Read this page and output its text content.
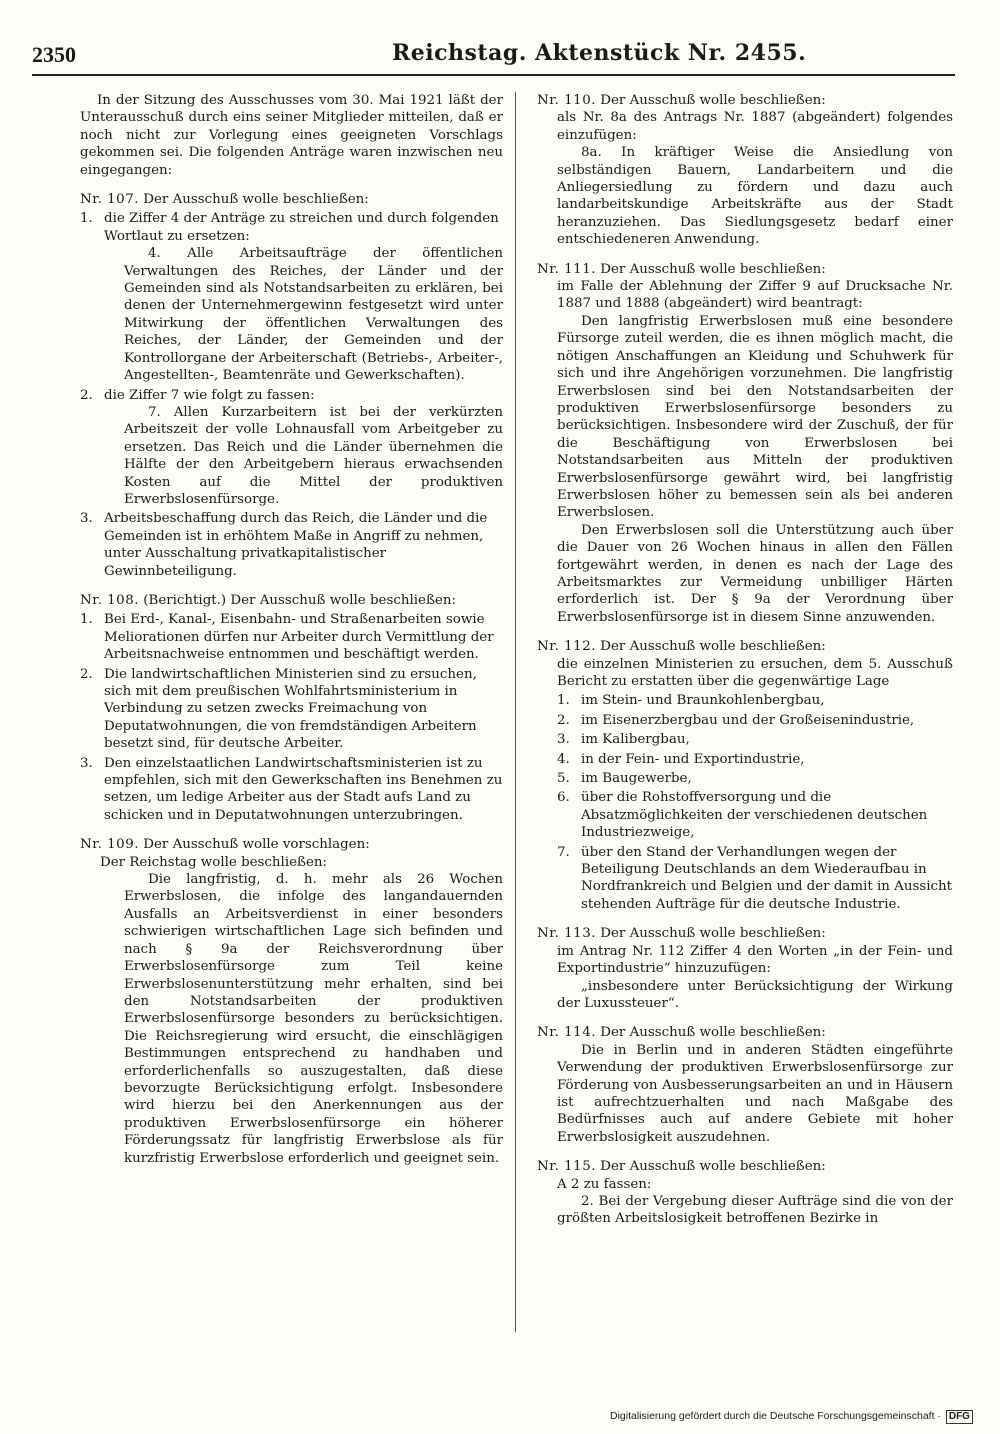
2350	Reichstag. Aktenstück Nr. 2455.

In der Sitzung des Ausschusses vom 30. Mai 1921 läßt der Unterausschuß durch eins seiner Mitglieder mitteilen, daß er noch nicht zur Vorlegung eines geeigneten Vorschlags gekommen sei. Die folgenden Anträge waren inzwischen neu eingegangen:

Nr. 107. Der Ausschuß wolle beschließen:

1. die Ziffer 4 der Anträge zu streichen und durch folgenden Wortlaut zu ersetzen:

4. Alle Arbeitsaufträge der öffentlichen Verwaltungen des Reiches, der Länder und der Gemeinden sind als Notstandsarbeiten zu erklären, bei denen der Unternehmergewinn festgesetzt wird unter Mitwirkung der öffentlichen Verwaltungen des Reiches, der Länder, der Gemeinden und der Kontrollorgane der Arbeiterschaft (Betriebs-, Arbeiter-, Angestellten-, Beamtenräte und Gewerkschaften).

2. die Ziffer 7 wie folgt zu fassen:

7. Allen Kurzarbeitern ist bei der verkürzten Arbeitszeit der volle Lohnausfall vom Arbeitgeber zu ersetzen. Das Reich und die Länder übernehmen die Hälfte der den Arbeitgebern hieraus erwachsenden Kosten auf die Mittel der produktiven Erwerbslosenfürsorge.

3. Arbeitsbeschaffung durch das Reich, die Länder und die Gemeinden ist in erhöhtem Maße in Angriff zu nehmen, unter Ausschaltung privatkapitalistischer Gewinnbeteiligung.

Nr. 108. (Berichtigt.) Der Ausschuß wolle beschließen:

1. Bei Erd-, Kanal-, Eisenbahn- und Straßenarbeiten sowie Meliorationen dürfen nur Arbeiter durch Vermittlung der Arbeitsnachweise entnommen und beschäftigt werden.
2. Die landwirtschaftlichen Ministerien sind zu ersuchen, sich mit dem preußischen Wohlfahrtsministerium in Verbindung zu setzen zwecks Freimachung von Deputatwohnungen, die von fremdständigen Arbeitern besetzt sind, für deutsche Arbeiter.
3. Den einzelstaatlichen Landwirtschaftsministerien ist zu empfehlen, sich mit den Gewerkschaften ins Benehmen zu setzen, um ledige Arbeiter aus der Stadt aufs Land zu schicken und in Deputatwohnungen unterzubringen.

Nr. 109. Der Ausschuß wolle vorschlagen:

Der Reichstag wolle beschließen:

Die langfristig, d. h. mehr als 26 Wochen Erwerbslosen, die infolge des langandauernden Ausfalls an Arbeitsverdienst in einer besonders schwierigen wirtschaftlichen Lage sich befinden und nach § 9a der Reichsverordnung über Erwerbslosenfürsorge zum Teil keine Erwerbslosenunterstützung mehr erhalten, sind bei den Notstandsarbeiten der produktiven Erwerbslosenfürsorge besonders zu berücksichtigen. Die Reichsregierung wird ersucht, die einschlägigen Bestimmungen entsprechend zu handhaben und erforderlichenfalls so auszugestalten, daß diese bevorzugte Berücksichtigung erfolgt. Insbesondere wird hierzu bei den Anerkennungen aus der produktiven Erwerbslosenfürsorge ein höherer Förderungssatz für langfristig Erwerbslose als für kurzfristig Erwerbslose erforderlich und geeignet sein.

Nr. 110. Der Ausschuß wolle beschließen:

als Nr. 8a des Antrags Nr. 1887 (abgeändert) folgendes einzufügen:

8a. In kräftiger Weise die Ansiedlung von selbständigen Bauern, Landarbeitern und die Anliegersiedlung zu fördern und dazu auch landarbeitskundige Arbeitskräfte aus der Stadt heranzuziehen. Das Siedlungsgesetz bedarf einer entschiedeneren Anwendung.

Nr. 111. Der Ausschuß wolle beschließen:

im Falle der Ablehnung der Ziffer 9 auf Drucksache Nr. 1887 und 1888 (abgeändert) wird beantragt:

Den langfristig Erwerbslosen muß eine besondere Fürsorge zuteil werden, die es ihnen möglich macht, die nötigen Anschaffungen an Kleidung und Schuhwerk für sich und ihre Angehörigen vorzunehmen. Die langfristig Erwerbslosen sind bei den Notstandsarbeiten der produktiven Erwerbslosenfürsorge besonders zu berücksichtigen. Insbesondere wird der Zuschuß, der für die Beschäftigung von Erwerbslosen bei Notstandsarbeiten aus Mitteln der produktiven Erwerbslosenfürsorge gewährt wird, bei langfristig Erwerbslosen höher zu bemessen sein als bei anderen Erwerbslosen.

Den Erwerbslosen soll die Unterstützung auch über die Dauer von 26 Wochen hinaus in allen den Fällen fortgewährt werden, in denen es nach der Lage des Arbeitsmarktes zur Vermeidung unbilliger Härten erforderlich ist. Der § 9a der Verordnung über Erwerbslosenfürsorge ist in diesem Sinne anzuwenden.

Nr. 112. Der Ausschuß wolle beschließen:

die einzelnen Ministerien zu ersuchen, dem 5. Ausschuß Bericht zu erstatten über die gegenwärtige Lage

1. im Stein- und Braunkohlenbergbau,
2. im Eisenerzbergbau und der Großeisenindustrie,
3. im Kalibergbau,
4. in der Fein- und Exportindustrie,
5. im Baugewerbe,
6. über die Rohstoffversorgung und die Absatzmöglichkeiten der verschiedenen deutschen Industriezweige,
7. über den Stand der Verhandlungen wegen der Beteiligung Deutschlands an dem Wiederaufbau in Nordfrankreich und Belgien und der damit in Aussicht stehenden Aufträge für die deutsche Industrie.

Nr. 113. Der Ausschuß wolle beschließen:

im Antrag Nr. 112 Ziffer 4 den Worten „in der Fein- und Exportindustrie“ hinzuzufügen:

„insbesondere unter Berücksichtigung der Wirkung der Luxussteuer“.

Nr. 114. Der Ausschuß wolle beschließen:

Die in Berlin und in anderen Städten eingeführte Verwendung der produktiven Erwerbslosenfürsorge zur Förderung von Ausbesserungsarbeiten an und in Häusern ist aufrechtzuerhalten und nach Maßgabe des Bedürfnisses auch auf andere Gebiete mit hoher Erwerbslosigkeit auszudehnen.

Nr. 115. Der Ausschuß wolle beschließen:

A 2 zu fassen:

2. Bei der Vergebung dieser Aufträge sind die von der größten Arbeitslosigkeit betroffenen Bezirke in

Digitalisierung gefördert durch die Deutsche Forschungsgemeinschaft · DFG
